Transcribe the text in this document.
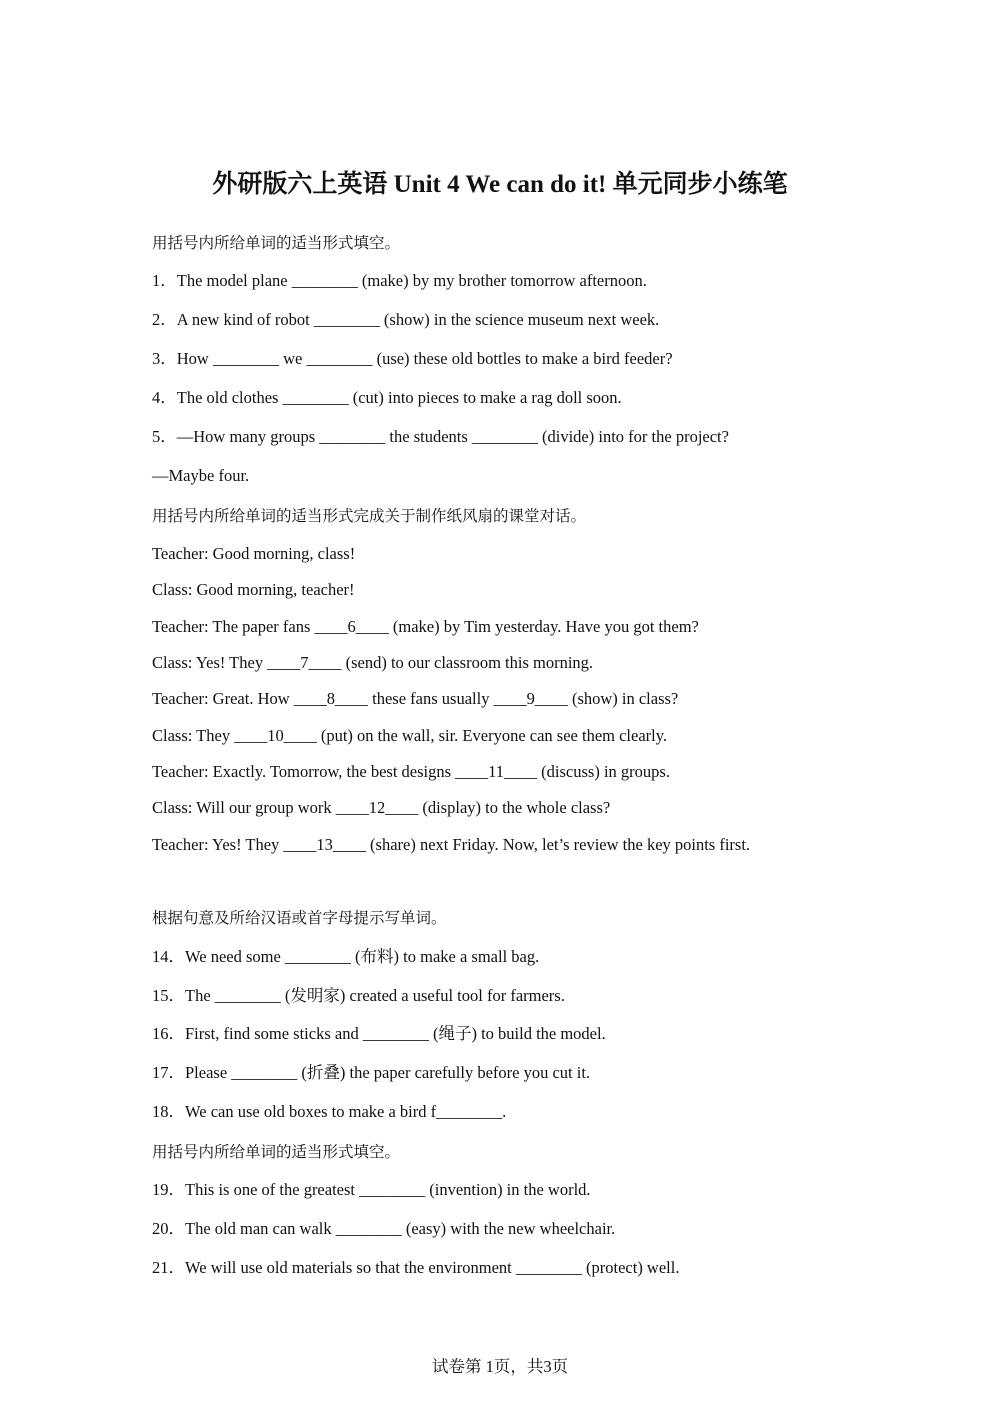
外研版六上英语 Unit 4 We can do it! 单元同步小练笔
用括号内所给单词的适当形式填空。
1．The model plane ________ (make) by my brother tomorrow afternoon.
2．A new kind of robot ________ (show) in the science museum next week.
3．How ________ we ________ (use) these old bottles to make a bird feeder?
4．The old clothes ________ (cut) into pieces to make a rag doll soon.
5．—How many groups ________ the students ________ (divide) into for the project?
—Maybe four.
用括号内所给单词的适当形式完成关于制作纸风扇的课堂对话。
Teacher: Good morning, class!
Class: Good morning, teacher!
Teacher: The paper fans ____6____ (make) by Tim yesterday. Have you got them?
Class: Yes! They ____7____ (send) to our classroom this morning.
Teacher: Great. How ____8____ these fans usually ____9____ (show) in class?
Class: They ____10____ (put) on the wall, sir. Everyone can see them clearly.
Teacher: Exactly. Tomorrow, the best designs ____11____ (discuss) in groups.
Class: Will our group work ____12____ (display) to the whole class?
Teacher: Yes! They ____13____ (share) next Friday. Now, let’s review the key points first.
根据句意及所给汉语或首字母提示写单词。
14．We need some ________ (布料) to make a small bag.
15．The ________ (发明家) created a useful tool for farmers.
16．First, find some sticks and ________ (绳子) to build the model.
17．Please ________ (折叠) the paper carefully before you cut it.
18．We can use old boxes to make a bird f________.
用括号内所给单词的适当形式填空。
19．This is one of the greatest ________ (invention) in the world.
20．The old man can walk ________ (easy) with the new wheelchair.
21．We will use old materials so that the environment ________ (protect) well.
试卷第 1页，共3页
